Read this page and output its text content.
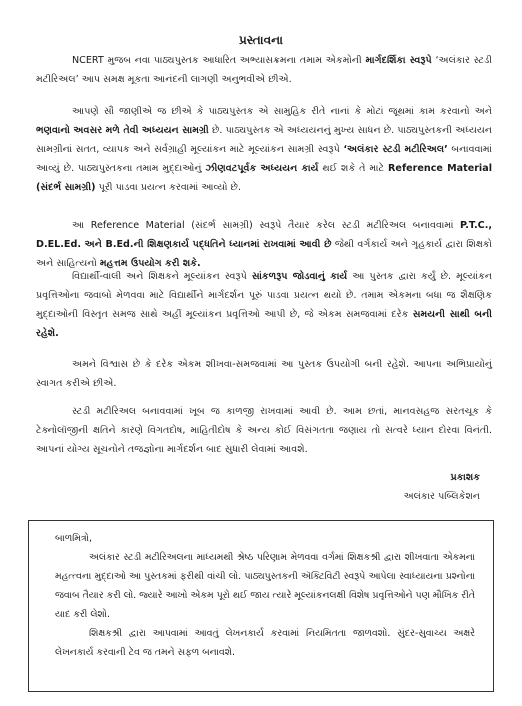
પ્રસ્તાવના

NCERT મુજબ નવા પાઠ્યપુસ્તક આધારિત અભ્યાસક્રમના તમામ એકમોની માર્ગદર્શિકા સ્વરૂપે ‘અલંકાર સ્ટડી મટીરિઅલ’ આપ સમક્ષ મૂકતા આનંદની લાગણી અનુભવીએ છીએ.

આપણે સૌ જાણીએ જ છીએ કે પાઠ્યપુસ્તક એ સામુહિક રીતે નાનાં કે મોટાં જૂથમાં કામ કરવાનો અને ભણવાનો અવસર મળે તેવી અધ્યયન સામગ્રી છે. પાઠ્યપુસ્તક એ અધ્યયનનું મુખ્ય સાધન છે. પાઠ્યપુસ્તકની અધ્યયન સામગ્રીનાં સતત, વ્યાપક અને સર્વગ્રાહી મૂલ્યાંકન માટે મૂલ્યાંકન સામગ્રી સ્વરૂપે ‘અલંકાર સ્ટડી મટીરિઅલ’ બનાવવામાં આવ્યું છે. પાઠ્યપુસ્તકના તમામ મુદ્દાઓનું ઝીણવટપૂર્વક અધ્યયન કાર્ય થઈ શકે તે માટે Reference Material (સંદર્ભ સામગ્રી) પૂરી પાડવા પ્રયત્ન કરવામાં આવ્યો છે.

આ Reference Material (સંદર્ભ સામગ્રી) સ્વરૂપે તૈયાર કરેલ સ્ટડી મટીરિઅલ બનાવવામાં P.T.C., D.EL.Ed. અને B.Ed.ની શિક્ષણકાર્ય પદ્ધતિને ધ્યાનમાં રાખવામાં આવી છે જેથી વર્ગકાર્ય અને ગૃહકાર્ય દ્વારા શિક્ષકો અને સાહિત્યનો મહત્તમ ઉપયોગ કરી શકે.

વિદ્યાર્થી-વાલી અને શિક્ષકને મૂલ્યાંકન સ્વરૂપે સાંકળરૂપ જોડવાનું કાર્ય આ પુસ્તક દ્વારા કર્યું છે. મૂલ્યાંકન પ્રવૃત્તિઓના જવાબો મેળવવા માટે વિદ્યાર્થીને માર્ગદર્શન પૂરું પાડવા પ્રયત્ન થયો છે. તમામ એકમના બધા જ શૈક્ષણિક મુદ્દાઓની વિસ્તૃત સમજ સાથે અહીં મૂલ્યાંકન પ્રવૃત્તિઓ આપી છે, જે એકમ સમજવામાં દરેક સમયની સાથી બની રહેશે.

અમને વિશ્વાસ છે કે દરેક એકમ શીખવા-સમજવામાં આ પુસ્તક ઉપયોગી બની રહેશે. આપના અભિપ્રાયોનું સ્વાગત કરીએ છીએ.

સ્ટડી મટીરિઅલ બનાવવામાં ખૂબ જ કાળજી રાખવામાં આવી છે. આમ છતાં, માનવસહજ સરતચૂક કે ટેક્નોલૉજીની ક્ષતિને કારણે વિગતદોષ, માહિતીદોષ કે અન્ય કોઈ વિસંગતતા જણાય તો સત્વરે ધ્યાન દોરવા વિનંતી. આપનાં યોગ્ય સૂચનોને તજજ્ઞોના માર્ગદર્શન બાદ સુધારી લેવામાં આવશે.

પ્રકાશક
અલંકાર પબ્લિકેશન

બાળમિત્રો,

અલંકાર સ્ટડી મટીરિઅલના માધ્યમથી શ્રેષ્ઠ પરિણામ મેળવવા વર્ગમાં શિક્ષકશ્રી દ્વારા શીખવાતા એકમના મહત્ત્વના મુદ્દાઓ આ પુસ્તકમાં ફરીથી વાંચી લો. પાઠ્યપુસ્તકની ઍક્ટિવિટી સ્વરૂપે આપેલા સ્વાધ્યાયના પ્રશ્નોના જવાબ તૈયાર કરી લો. જ્યારે આખો એકમ પૂરો થઈ જાય ત્યારે મૂલ્યાંકનલક્ષી વિશેષ પ્રવૃત્તિઓને પણ મૌખિક રીતે યાદ કરી લેશો.

શિક્ષકશ્રી દ્વારા આપવામાં આવતું લેખનકાર્ય કરવામાં નિયમિતતા જાળવશો. સુંદર-સુવાચ્ય અક્ષરે લેખનકાર્ય કરવાની ટેવ જ તમને સફળ બનાવશે.
